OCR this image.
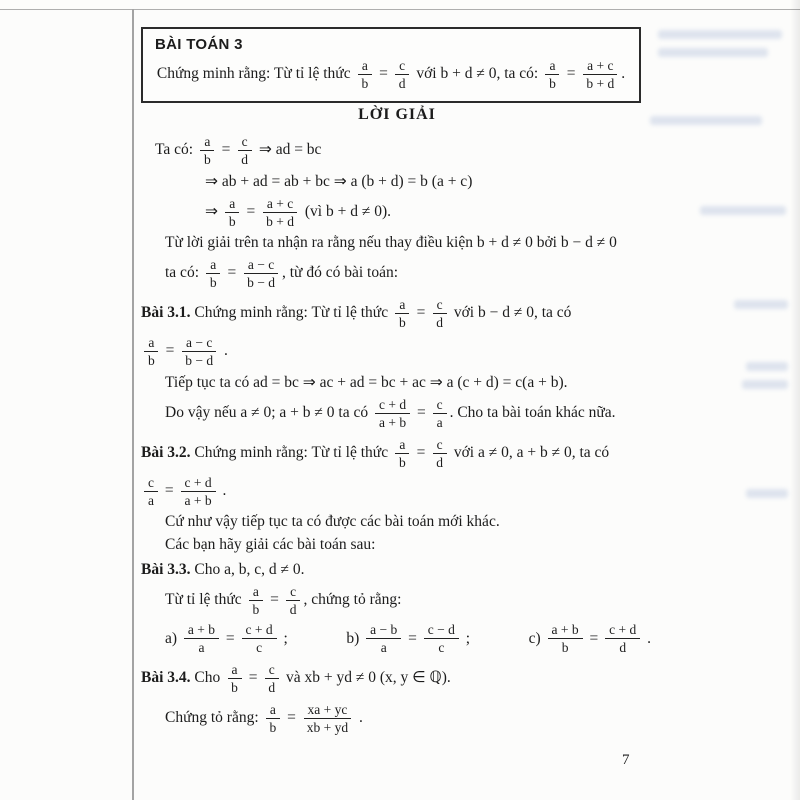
BÀI TOÁN 3
Chứng minh rằng: Từ tỉ lệ thức $\frac{a}{b} = \frac{c}{d}$ với b + d ≠ 0, ta có: $\frac{a}{b} = \frac{a + c}{b + d}$ .
LỜI GIẢI
Ta có: $\frac{a}{b} = \frac{c}{d}$ ⇒ ad = bc
⇒ ab + ad = ab + bc ⇒ a (b + d) = b (a + c)
⇒ $\frac{a}{b} = \frac{a + c}{b + d}$ (vì b + d ≠ 0).
Từ lời giải trên ta nhận ra rằng nếu thay điều kiện b + d ≠ 0 bởi b − d ≠ 0
ta có: $\frac{a}{b} = \frac{a - c}{b - d}$ , từ đó có bài toán:
Bài 3.1. Chứng minh rằng: Từ tỉ lệ thức $\frac{a}{b} = \frac{c}{d}$ với b − d ≠ 0, ta có
$\frac{a}{b} = \frac{a - c}{b - d}$ .
Tiếp tục ta có ad = bc ⇒ ac + ad = bc + ac ⇒ a (c + d) = c(a + b).
Do vậy nếu a ≠ 0; a + b ≠ 0 ta có $\frac{c + d}{a + b} = \frac{c}{a}$ . Cho ta bài toán khác nữa.
Bài 3.2. Chứng minh rằng: Từ tỉ lệ thức $\frac{a}{b} = \frac{c}{d}$ với a ≠ 0, a + b ≠ 0, ta có
$\frac{c}{a} = \frac{c + d}{a + b}$ .
Cứ như vậy tiếp tục ta có được các bài toán mới khác.
Các bạn hãy giải các bài toán sau:
Bài 3.3. Cho a, b, c, d ≠ 0.
Từ tỉ lệ thức $\frac{a}{b} = \frac{c}{d}$ , chứng tỏ rằng:
$a) \frac{a + b}{a} = \frac{c + d}{c}$ ;	$b) \frac{a - b}{a} = \frac{c - d}{c}$ ;	$c) \frac{a + b}{b} = \frac{c + d}{d}$ .
Bài 3.4. Cho $\frac{a}{b} = \frac{c}{d}$ và xb + yd ≠ 0 (x, y ∈ ℚ).
Chứng tỏ rằng: $\frac{a}{b} = \frac{xa + yc}{xb + yd}$ .
7
